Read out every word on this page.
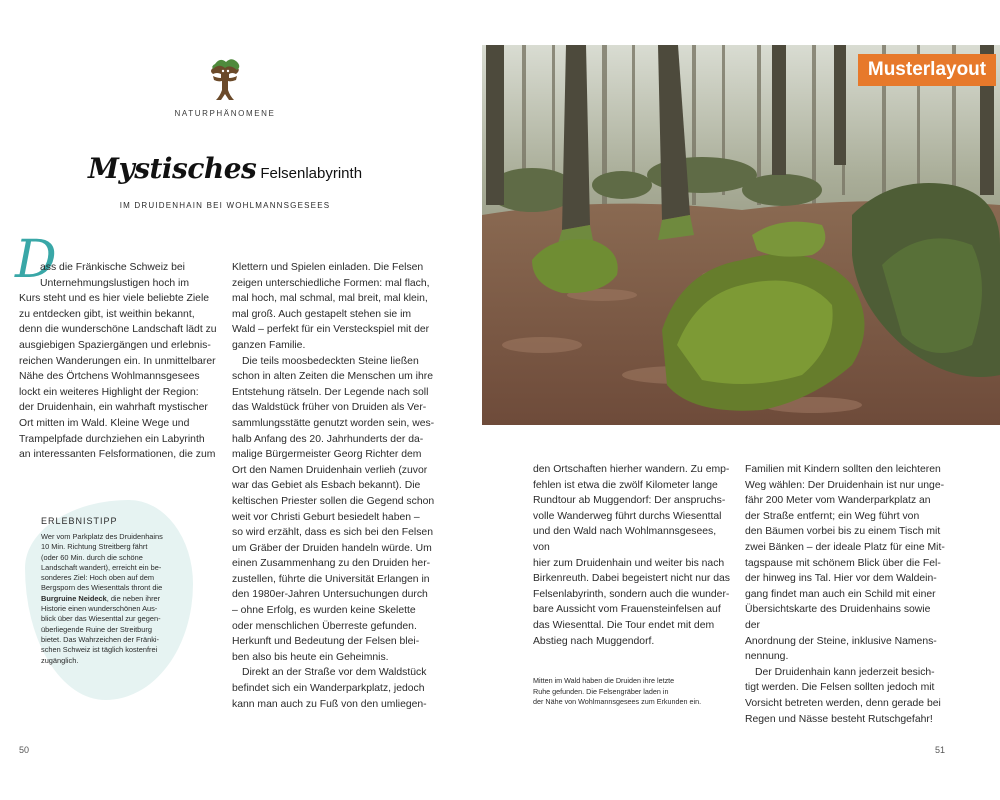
NATURPHÄNOMENE
Mystisches Felsenlabyrinth
IM DRUIDENHAIN BEI WOHLMANNSGESEES
D

ass die Fränkische Schweiz bei

Unternehmungslustigen hoch im

Kurs steht und es hier viele beliebte Ziele

zu entdecken gibt, ist weithin bekannt,

denn die wunderschöne Landschaft lädt zu

ausgiebigen Spaziergängen und erlebnis-

reichen Wanderungen ein. In unmittelbarer

Nähe des Örtchens Wohlmannsgesees

lockt ein weiteres Highlight der Region:

der Druidenhain, ein wahrhaft mystischer

Ort mitten im Wald. Kleine Wege und

Trampelpfade durchziehen ein Labyrinth

an interessanten Felsformationen, die zum

ERLEBNISTIPP
Wer vom Parkplatz des Druidenhains
10 Min. Richtung Streitberg fährt
(oder 60 Min. durch die schöne
Landschaft wandert), erreicht ein be-
sonderes Ziel: Hoch oben auf dem
Bergsporn des Wiesenttals thront die
Burgruine Neideck, die neben ihrer
Historie einen wunderschönen Aus-
blick über das Wiesenttal zur gegen-
überliegende Ruine der Streitburg
bietet. Das Wahrzeichen der Fränki-
schen Schweiz ist täglich kostenfrei
zugänglich.

Klettern und Spielen einladen. Die Felsen

zeigen unterschiedliche Formen: mal flach,

mal hoch, mal schmal, mal breit, mal klein,

mal groß. Auch gestapelt stehen sie im

Wald – perfekt für ein Versteckspiel mit der

ganzen Familie.

Die teils moosbedeckten Steine ließen

schon in alten Zeiten die Menschen um ihre

Entstehung rätseln. Der Legende nach soll

das Waldstück früher von Druiden als Ver-

sammlungsstätte genutzt worden sein, wes-

halb Anfang des 20. Jahrhunderts der da-

malige Bürgermeister Georg Richter dem

Ort den Namen Druidenhain verlieh (zuvor

war das Gebiet als Esbach bekannt). Die

keltischen Priester sollen die Gegend schon

weit vor Christi Geburt besiedelt haben –

so wird erzählt, dass es sich bei den Felsen

um Gräber der Druiden handeln würde. Um

einen Zusammenhang zu den Druiden her-

zustellen, führte die Universität Erlangen in

den 1980er-Jahren Untersuchungen durch

– ohne Erfolg, es wurden keine Skelette

oder menschlichen Überreste gefunden.

Herkunft und Bedeutung der Felsen blei-

ben also bis heute ein Geheimnis.

Direkt an der Straße vor dem Waldstück

befindet sich ein Wanderparkplatz, jedoch

kann man auch zu Fuß von den umliegen-

50
Musterlayout

den Ortschaften hierher wandern. Zu emp-

fehlen ist etwa die zwölf Kilometer lange

Rundtour ab Muggendorf: Der anspruchs-

volle Wanderweg führt durchs Wiesenttal

und den Wald nach Wohlmannsgesees, von

hier zum Druidenhain und weiter bis nach

Birkenreuth. Dabei begeistert nicht nur das

Felsenlabyrinth, sondern auch die wunder-

bare Aussicht vom Frauensteinfelsen auf

das Wiesenttal. Die Tour endet mit dem

Abstieg nach Muggendorf.

Mitten im Wald haben die Druiden ihre letzte
Ruhe gefunden. Die Felsengräber laden in
der Nähe von Wohlmannsgesees zum Erkunden ein.

Familien mit Kindern sollten den leichteren

Weg wählen: Der Druidenhain ist nur unge-

fähr 200 Meter vom Wanderparkplatz an

der Straße entfernt; ein Weg führt von

den Bäumen vorbei bis zu einem Tisch mit

zwei Bänken – der ideale Platz für eine Mit-

tagspause mit schönem Blick über die Fel-

der hinweg ins Tal. Hier vor dem Waldein-

gang findet man auch ein Schild mit einer

Übersichtskarte des Druidenhains sowie der

Anordnung der Steine, inklusive Namens-

nennung.

Der Druidenhain kann jederzeit besich-

tigt werden. Die Felsen sollten jedoch mit

Vorsicht betreten werden, denn gerade bei

Regen und Nässe besteht Rutschgefahr!

51
